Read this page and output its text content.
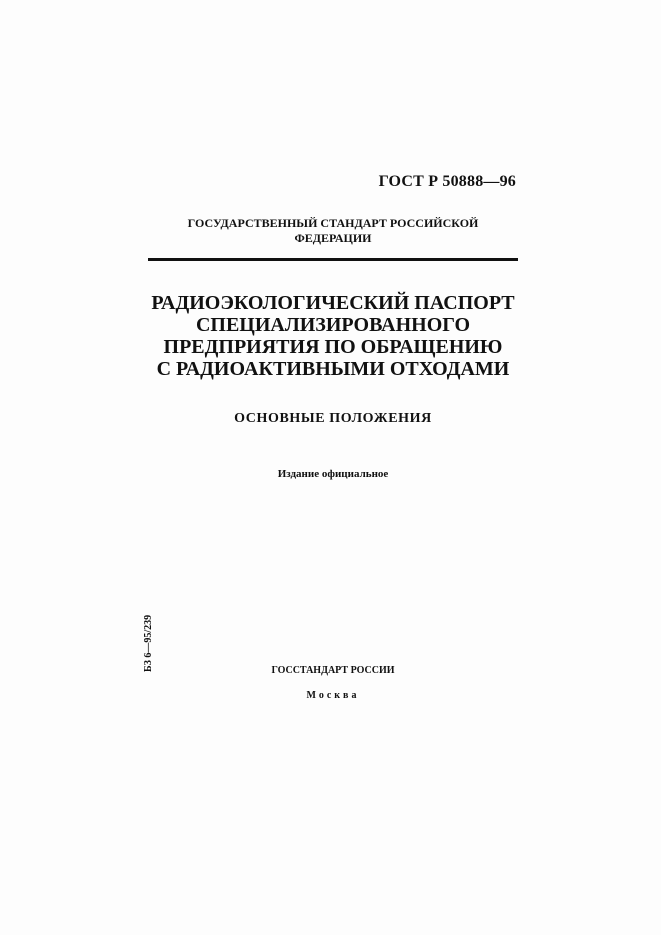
ГОСТ Р 50888—96
ГОСУДАРСТВЕННЫЙ СТАНДАРТ РОССИЙСКОЙ
ФЕДЕРАЦИИ
РАДИОЭКОЛОГИЧЕСКИЙ ПАСПОРТ
СПЕЦИАЛИЗИРОВАННОГО
ПРЕДПРИЯТИЯ ПО ОБРАЩЕНИЮ
С РАДИОАКТИВНЫМИ ОТХОДАМИ
ОСНОВНЫЕ ПОЛОЖЕНИЯ
Издание официальное
БЗ 6—95/239	ГОССТАНДАРТ РОССИИ
Москва
